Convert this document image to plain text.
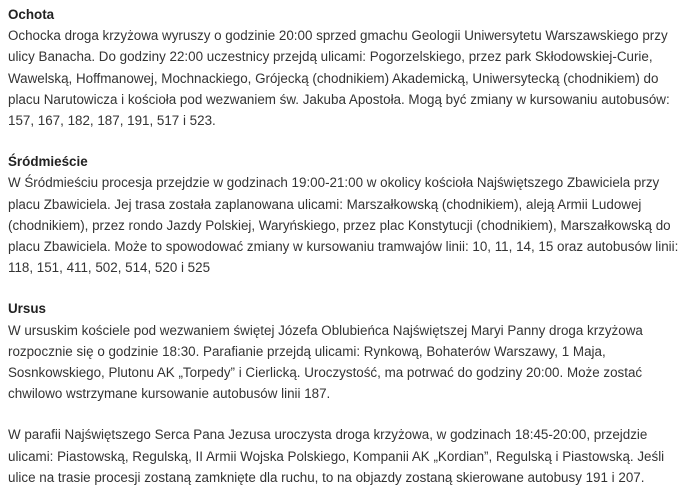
Ochota

Ochocka droga krzyżowa wyruszy o godzinie 20:00 sprzed gmachu Geologii Uniwersytetu Warszawskiego przy ulicy Banacha. Do godziny 22:00 uczestnicy przejdą ulicami: Pogorzelskiego, przez park Skłodowskiej-Curie, Wawelską, Hoffmanowej, Mochnackiego, Grójecką (chodnikiem) Akademicką, Uniwersytecką (chodnikiem) do placu Narutowicza i kościoła pod wezwaniem św. Jakuba Apostoła. Mogą być zmiany w kursowaniu autobusów: 157, 167, 182, 187, 191, 517 i 523.

Śródmieście

W Śródmieściu procesja przejdzie w godzinach 19:00-21:00 w okolicy kościoła Najświętszego Zbawiciela przy placu Zbawiciela. Jej trasa została zaplanowana ulicami: Marszałkowską (chodnikiem), aleją Armii Ludowej (chodnikiem), przez rondo Jazdy Polskiej, Waryńskiego, przez plac Konstytucji (chodnikiem), Marszałkowską do placu Zbawiciela. Może to spowodować zmiany w kursowaniu tramwajów linii: 10, 11, 14, 15 oraz autobusów linii: 118, 151, 411, 502, 514, 520 i 525

Ursus

W ursuskim kościele pod wezwaniem świętej Józefa Oblubieńca Najświętszej Maryi Panny droga krzyżowa rozpocznie się o godzinie 18:30. Parafianie przejdą ulicami: Rynkową, Bohaterów Warszawy, 1 Maja, Sosnkowskiego, Plutonu AK „Torpedy” i Cierlicką. Uroczystość, ma potrwać do godziny 20:00. Może zostać chwilowo wstrzymane kursowanie autobusów linii 187.

W parafii Najświętszego Serca Pana Jezusa uroczysta droga krzyżowa, w godzinach 18:45-20:00, przejdzie ulicami: Piastowską, Regulską, II Armii Wojska Polskiego, Kompanii AK „Kordian”, Regulską i Piastowską. Jeśli ulice na trasie procesji zostaną zamknięte dla ruchu, to na objazdy zostaną skierowane autobusy 191 i 207.
